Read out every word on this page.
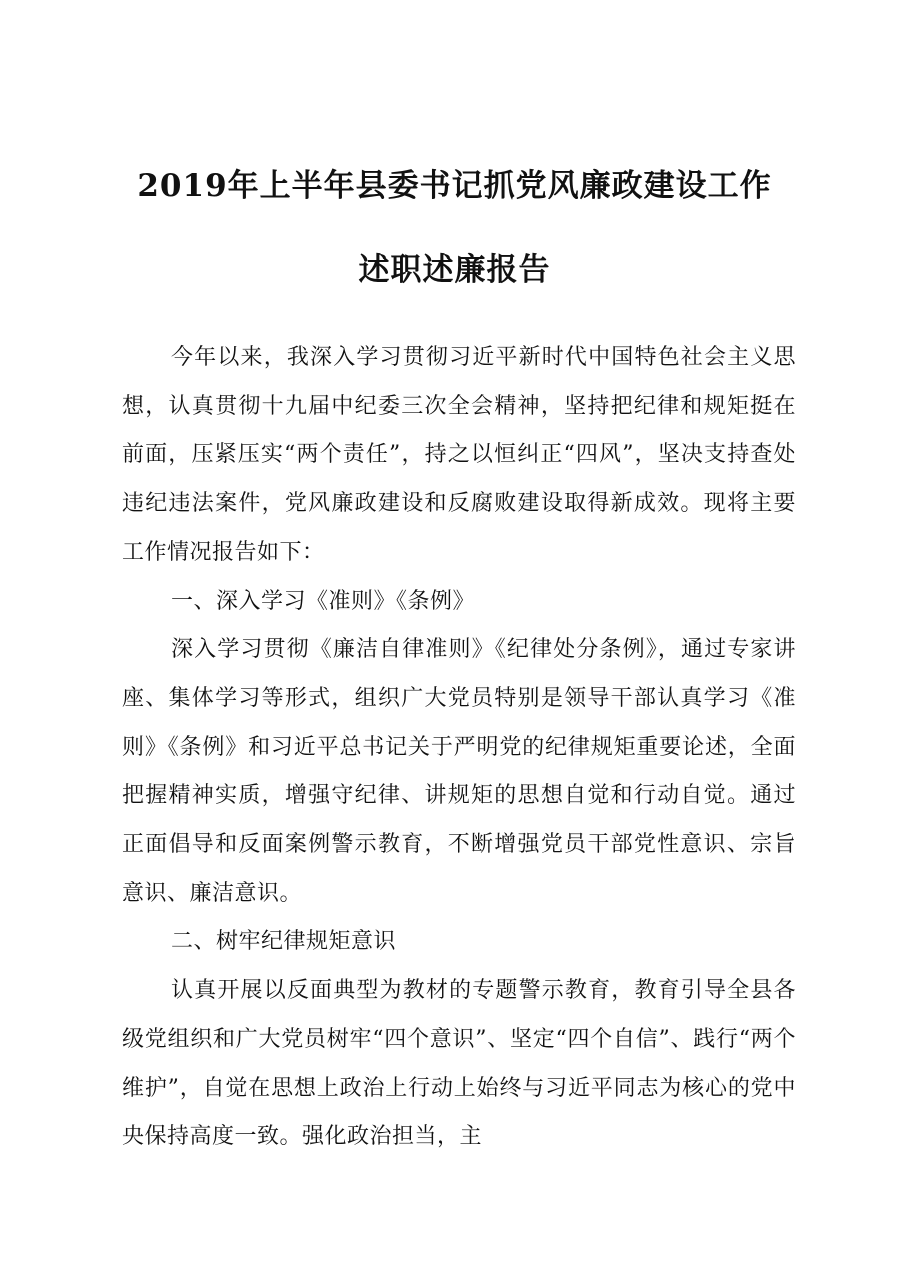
2019年上半年县委书记抓党风廉政建设工作
述职述廉报告

今年以来，我深入学习贯彻习近平新时代中国特色社会主义思想，认真贯彻十九届中纪委三次全会精神，坚持把纪律和规矩挺在前面，压紧压实“两个责任”，持之以恒纠正“四风”，坚决支持查处违纪违法案件，党风廉政建设和反腐败建设取得新成效。现将主要工作情况报告如下：

一、深入学习《准则》《条例》

深入学习贯彻《廉洁自律准则》《纪律处分条例》，通过专家讲座、集体学习等形式，组织广大党员特别是领导干部认真学习《准则》《条例》和习近平总书记关于严明党的纪律规矩重要论述，全面把握精神实质，增强守纪律、讲规矩的思想自觉和行动自觉。通过正面倡导和反面案例警示教育，不断增强党员干部党性意识、宗旨意识、廉洁意识。

二、树牢纪律规矩意识

认真开展以反面典型为教材的专题警示教育，教育引导全县各级党组织和广大党员树牢“四个意识”、坚定“四个自信”、践行“两个维护”，自觉在思想上政治上行动上始终与习近平同志为核心的党中央保持高度一致。强化政治担当，主
